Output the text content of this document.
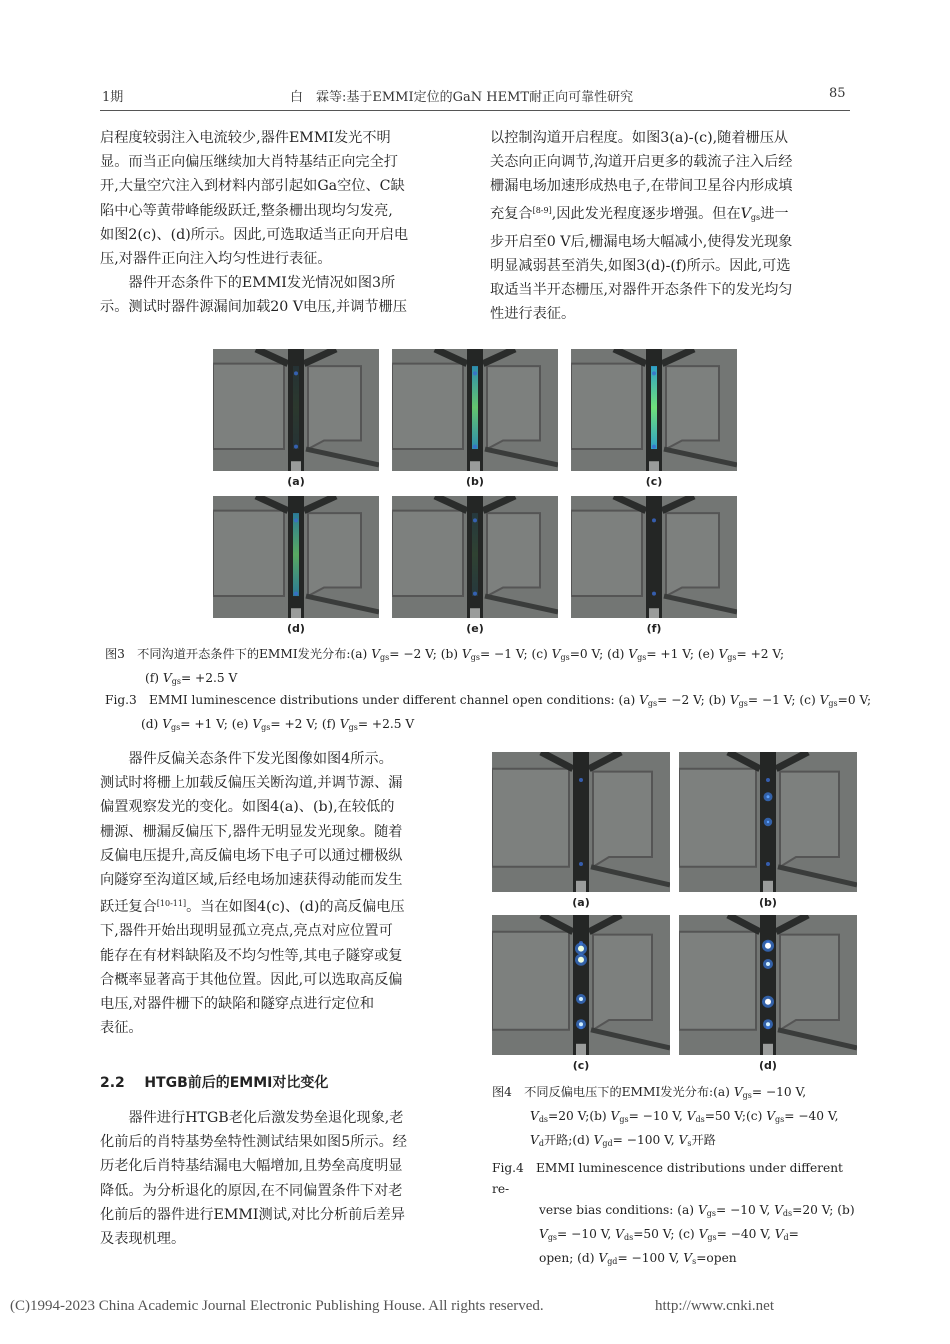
1期	白　霖等:基于EMMI定位的GaN HEMT耐正向可靠性研究	85

启程度较弱注入电流较少,器件EMMI发光不明

显。而当正向偏压继续加大肖特基结正向完全打

开,大量空穴注入到材料内部引起如Ga空位、C缺

陷中心等黄带峰能级跃迁,整条栅出现均匀发亮,

如图2(c)、(d)所示。因此,可选取适当正向开启电

压,对器件正向注入均匀性进行表征。

器件开态条件下的EMMI发光情况如图3所

示。测试时器件源漏间加载20 V电压,并调节栅压

以控制沟道开启程度。如图3(a)-(c),随着栅压从

关态向正向调节,沟道开启更多的载流子注入后经

栅漏电场加速形成热电子,在带间卫星谷内形成填

充复合[8-9],因此发光程度逐步增强。但在$V_{gs}$进一

步开启至0 V后,栅漏电场大幅减小,使得发光现象

明显减弱甚至消失,如图3(d)-(f)所示。因此,可选

取适当半开态栅压,对器件开态条件下的发光均匀

性进行表征。

(a)	(b)	(c)
(d)	(e)	(f)
图3　不同沟道开态条件下的EMMI发光分布:(a) $V_{gs}= -2$ V; (b) $V_{gs}= -1$ V; (c) $V_{gs}=0$ V; (d) $V_{gs}= +1$ V; (e) $V_{gs}= +2$ V;
(f) $V_{gs}= +2.5$ V
Fig.3　EMMI luminescence distributions under different channel open conditions: (a) $V_{gs}= -2$ V; (b) $V_{gs}= -1$ V; (c) $V_{gs}=0$ V;
(d) $V_{gs}= +1$ V; (e) $V_{gs}= +2$ V; (f) $V_{gs}= +2.5$ V

器件反偏关态条件下发光图像如图4所示。

测试时将栅上加载反偏压关断沟道,并调节源、漏

偏置观察发光的变化。如图4(a)、(b),在较低的

栅源、栅漏反偏压下,器件无明显发光现象。随着

反偏电压提升,高反偏电场下电子可以通过栅极纵

向隧穿至沟道区域,后经电场加速获得动能而发生

跃迁复合[10-11]。当在如图4(c)、(d)的高反偏电压

下,器件开始出现明显孤立亮点,亮点对应位置可

能存在有材料缺陷及不均匀性等,其电子隧穿或复

合概率显著高于其他位置。因此,可以选取高反偏

电压,对器件栅下的缺陷和隧穿点进行定位和

表征。

2.2 HTGB前后的EMMI对比变化

器件进行HTGB老化后激发势垒退化现象,老

化前后的肖特基势垒特性测试结果如图5所示。经

历老化后肖特基结漏电大幅增加,且势垒高度明显

降低。为分析退化的原因,在不同偏置条件下对老

化前后的器件进行EMMI测试,对比分析前后差异

及表现机理。

(a)	(b)
(c)	(d)
图4　不同反偏电压下的EMMI发光分布:(a) $V_{gs}= -10$ V,
$V_{ds}=20$ V;(b) $V_{gs}= -10$ V, $V_{ds}=50$ V;(c) $V_{gs}= -40$ V,
$V_d$开路;(d) $V_{gd}= -100$ V, $V_s$开路
Fig.4　EMMI luminescence distributions under different re-
verse bias conditions: (a) $V_{gs}= -10$ V, $V_{ds}=20$ V; (b)
$V_{gs}= -10$ V, $V_{ds}=50$ V; (c) $V_{gs}= -40$ V, $V_d=$
open; (d) $V_{gd}= -100$ V, $V_s=open$
(C)1994-2023 China Academic Journal Electronic Publishing House. All rights reserved.	http://www.cnki.net
